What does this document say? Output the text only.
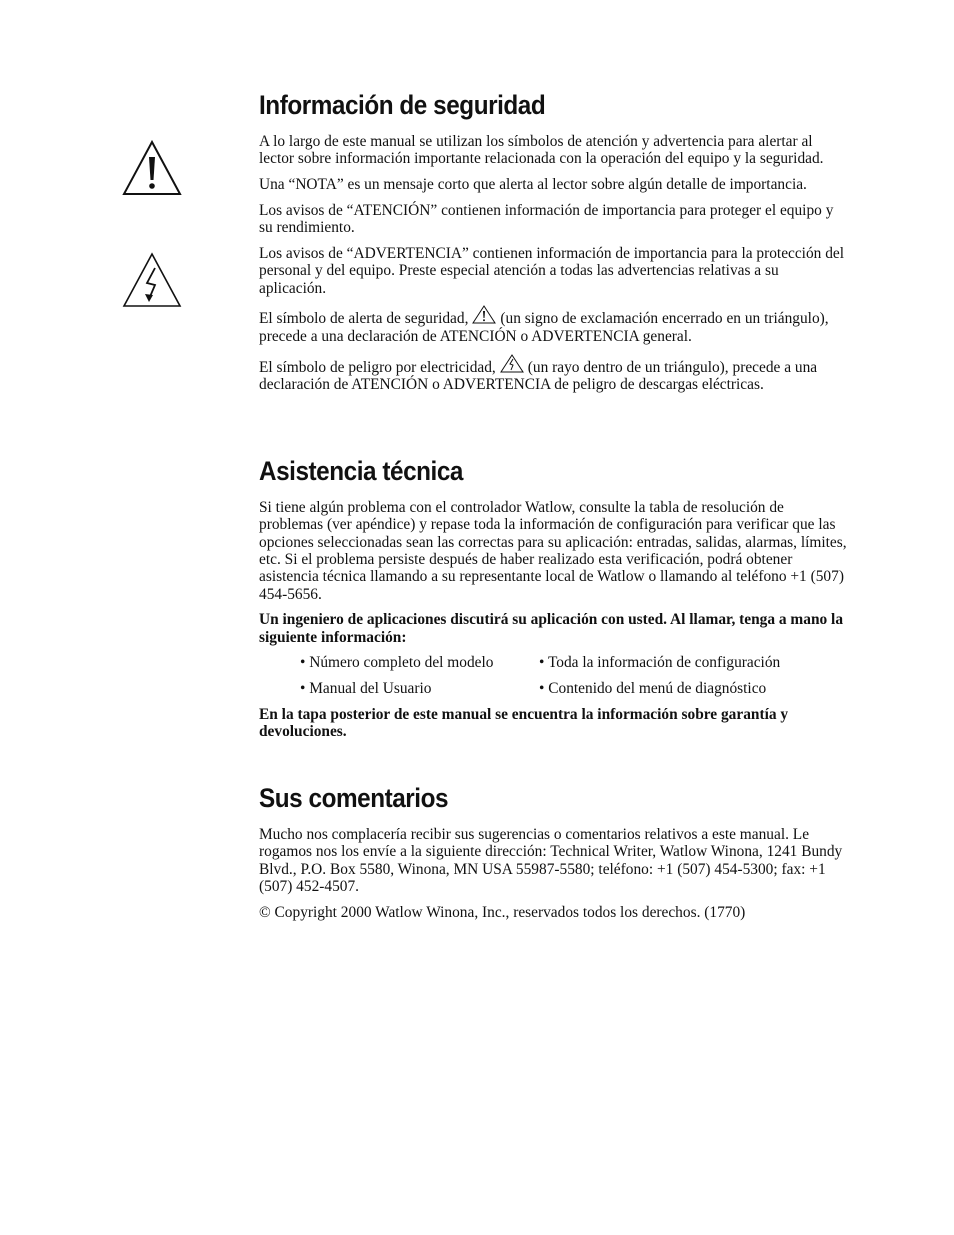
Información de seguridad

A lo largo de este manual se utilizan los símbolos de atención y advertencia para alertar al lector sobre información importante relacionada con la operación del equipo y la seguridad.

Una “NOTA” es un mensaje corto que alerta al lector sobre algún detalle de importancia.

Los avisos de “ATENCIÓN” contienen información de importancia para proteger el equipo y su rendimiento.

Los avisos de “ADVERTENCIA” contienen información de importancia para la protección del personal y del equipo. Preste especial atención a todas las advertencias relativas a su aplicación.

El símbolo de alerta de seguridad, (un signo de exclamación encerrado en un triángulo), precede a una declaración de ATENCIÓN o ADVERTENCIA general.

El símbolo de peligro por electricidad, (un rayo dentro de un triángulo), precede a una declaración de ATENCIÓN o ADVERTENCIA de peligro de descargas eléctricas.

Asistencia técnica

Si tiene algún problema con el controlador Watlow, consulte la tabla de resolución de problemas (ver apéndice) y repase toda la información de configuración para verificar que las opciones seleccionadas sean las correctas para su aplicación: entradas, salidas, alarmas, límites, etc. Si el problema persiste después de haber realizado esta verificación, podrá obtener asistencia técnica llamando a su representante local de Watlow o llamando al teléfono +1 (507) 454-5656.

Un ingeniero de aplicaciones discutirá su aplicación con usted. Al llamar, tenga a mano la siguiente información:

• Número completo del modelo	• Toda la información de configuración
• Manual del Usuario	• Contenido del menú de diagnóstico

En la tapa posterior de este manual se encuentra la información sobre garantía y devoluciones.

Sus comentarios

Mucho nos complacería recibir sus sugerencias o comentarios relativos a este manual. Le rogamos nos los envíe a la siguiente dirección: Technical Writer, Watlow Winona, 1241 Bundy Blvd., P.O. Box 5580, Winona, MN USA 55987-5580; teléfono: +1 (507) 454-5300; fax: +1 (507) 452-4507.

© Copyright 2000 Watlow Winona, Inc., reservados todos los derechos. (1770)
